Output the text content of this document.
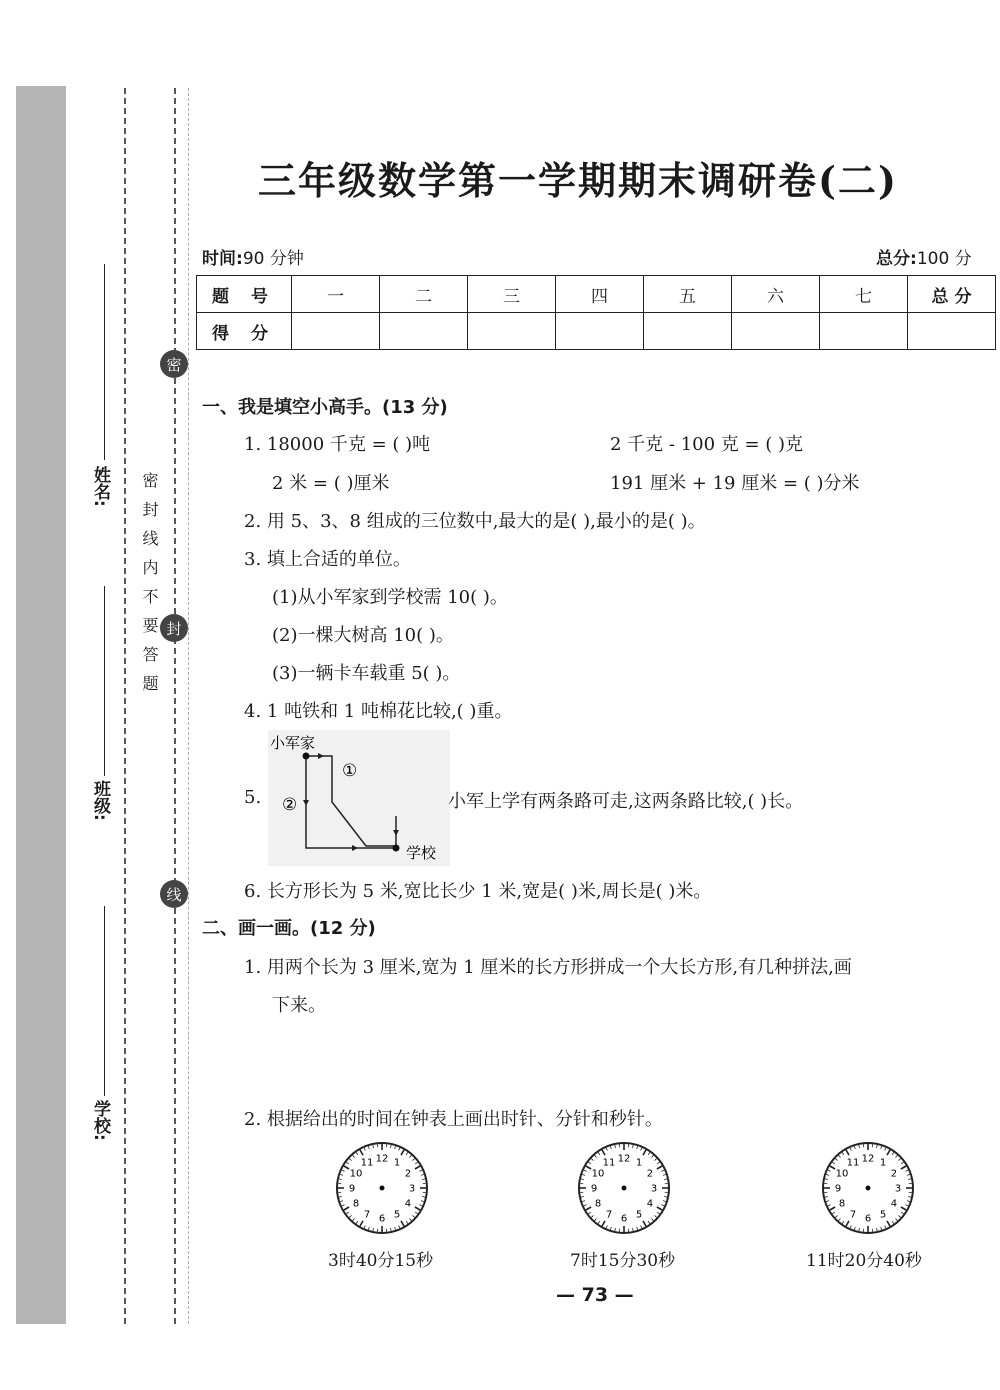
密
封
线
姓名:
班级:
学校:
密封线内不要答题
三年级数学第一学期期末调研卷(二)
时间:90 分钟	总分:100 分
题 号	一	二	三	四	五	六	七	总 分
得 分								
一、我是填空小高手。(13 分)
1. 18000 千克 = ( )吨	2 千克 - 100 克 = ( )克
2 米 = ( )厘米	191 厘米 + 19 厘米 = ( )分米
2. 用 5、3、8 组成的三位数中,最大的是( ),最小的是( )。
3. 填上合适的单位。
(1)从小军家到学校需 10( )。
(2)一棵大树高 10( )。
(3)一辆卡车载重 5( )。
4. 1 吨铁和 1 吨棉花比较,( )重。
5.
小军家
①
②
学校
小军上学有两条路可走,这两条路比较,( )长。
6. 长方形长为 5 米,宽比长少 1 米,宽是( )米,周长是( )米。
二、画一画。(12 分)
1. 用两个长为 3 厘米,宽为 1 厘米的长方形拼成一个大长方形,有几种拼法,画
下来。
2. 根据给出的时间在钟表上画出时针、分针和秒针。
1
2
3
4
5
6
7
8
9
10
11 12	1
2
3
4
5
6
7
8
9
10
11 12	1
2
3
4
5
6
7
8
9
10
11 12
3时40分15秒	7时15分30秒	11时20分40秒
— 73 —
